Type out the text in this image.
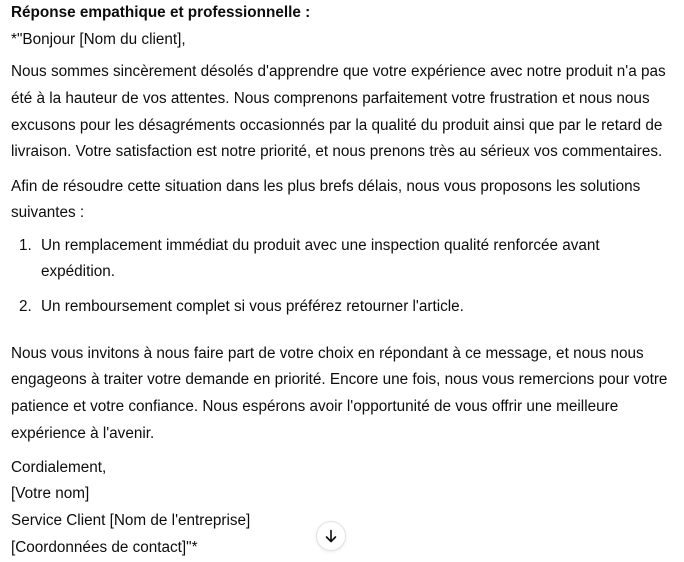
Réponse empathique et professionnelle :
*"Bonjour [Nom du client],
Nous sommes sincèrement désolés d'apprendre que votre expérience avec notre produit n'a pas
été à la hauteur de vos attentes. Nous comprenons parfaitement votre frustration et nous nous
excusons pour les désagréments occasionnés par la qualité du produit ainsi que par le retard de
livraison. Votre satisfaction est notre priorité, et nous prenons très au sérieux vos commentaires.
Afin de résoudre cette situation dans les plus brefs délais, nous vous proposons les solutions
suivantes :
1. Un remplacement immédiat du produit avec une inspection qualité renforcée avant
expédition.
2. Un remboursement complet si vous préférez retourner l'article.
Nous vous invitons à nous faire part de votre choix en répondant à ce message, et nous nous
engageons à traiter votre demande en priorité. Encore une fois, nous vous remercions pour votre
patience et votre confiance. Nous espérons avoir l'opportunité de vous offrir une meilleure
expérience à l'avenir.
Cordialement,
[Votre nom]
Service Client [Nom de l'entreprise]
[Coordonnées de contact]"*
